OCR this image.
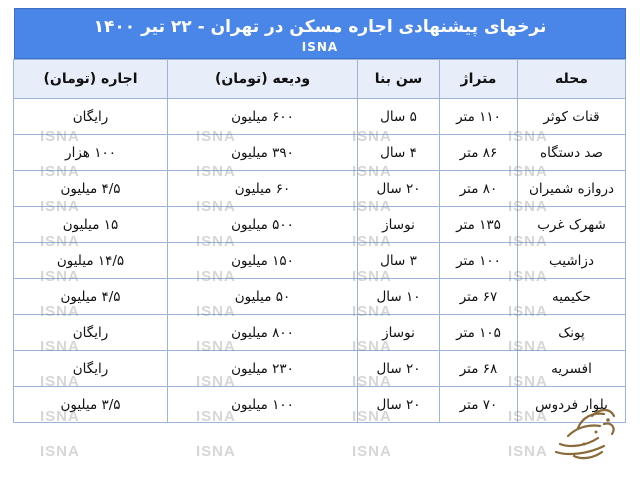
ISNA	ISNA	ISNA	ISNA
ISNA	ISNA	ISNA	ISNA
ISNA	ISNA	ISNA	ISNA
ISNA	ISNA	ISNA	ISNA
ISNA	ISNA	ISNA	ISNA
ISNA	ISNA	ISNA	ISNA
ISNA	ISNA	ISNA	ISNA
ISNA	ISNA	ISNA	ISNA
ISNA	ISNA	ISNA	ISNA
ISNA	ISNA	ISNA	ISNA
نرخهای پیشنهادی اجاره مسکن در تهران - ۲۲ تیر ۱۴۰۰
ISNA
محله	متراژ	سن بنا	ودیعه (تومان)	اجاره (تومان)
قنات کوثر	۱۱۰ متر	۵ سال	۶۰۰ میلیون	رایگان
صد دستگاه	۸۶ متر	۴ سال	۳۹۰ میلیون	۱۰۰ هزار
دروازه شمیران	۸۰ متر	۲۰ سال	۶۰ میلیون	۴/۵ میلیون
شهرک غرب	۱۳۵ متر	نوساز	۵۰۰ میلیون	۱۵ میلیون
دزاشیب	۱۰۰ متر	۳ سال	۱۵۰ میلیون	۱۴/۵ میلیون
حکیمیه	۶۷ متر	۱۰ سال	۵۰ میلیون	۴/۵ میلیون
پونک	۱۰۵ متر	نوساز	۸۰۰ میلیون	رایگان
افسریه	۶۸ متر	۲۰ سال	۲۳۰ میلیون	رایگان
بلوار فردوس	۷۰ متر	۲۰ سال	۱۰۰ میلیون	۳/۵ میلیون
